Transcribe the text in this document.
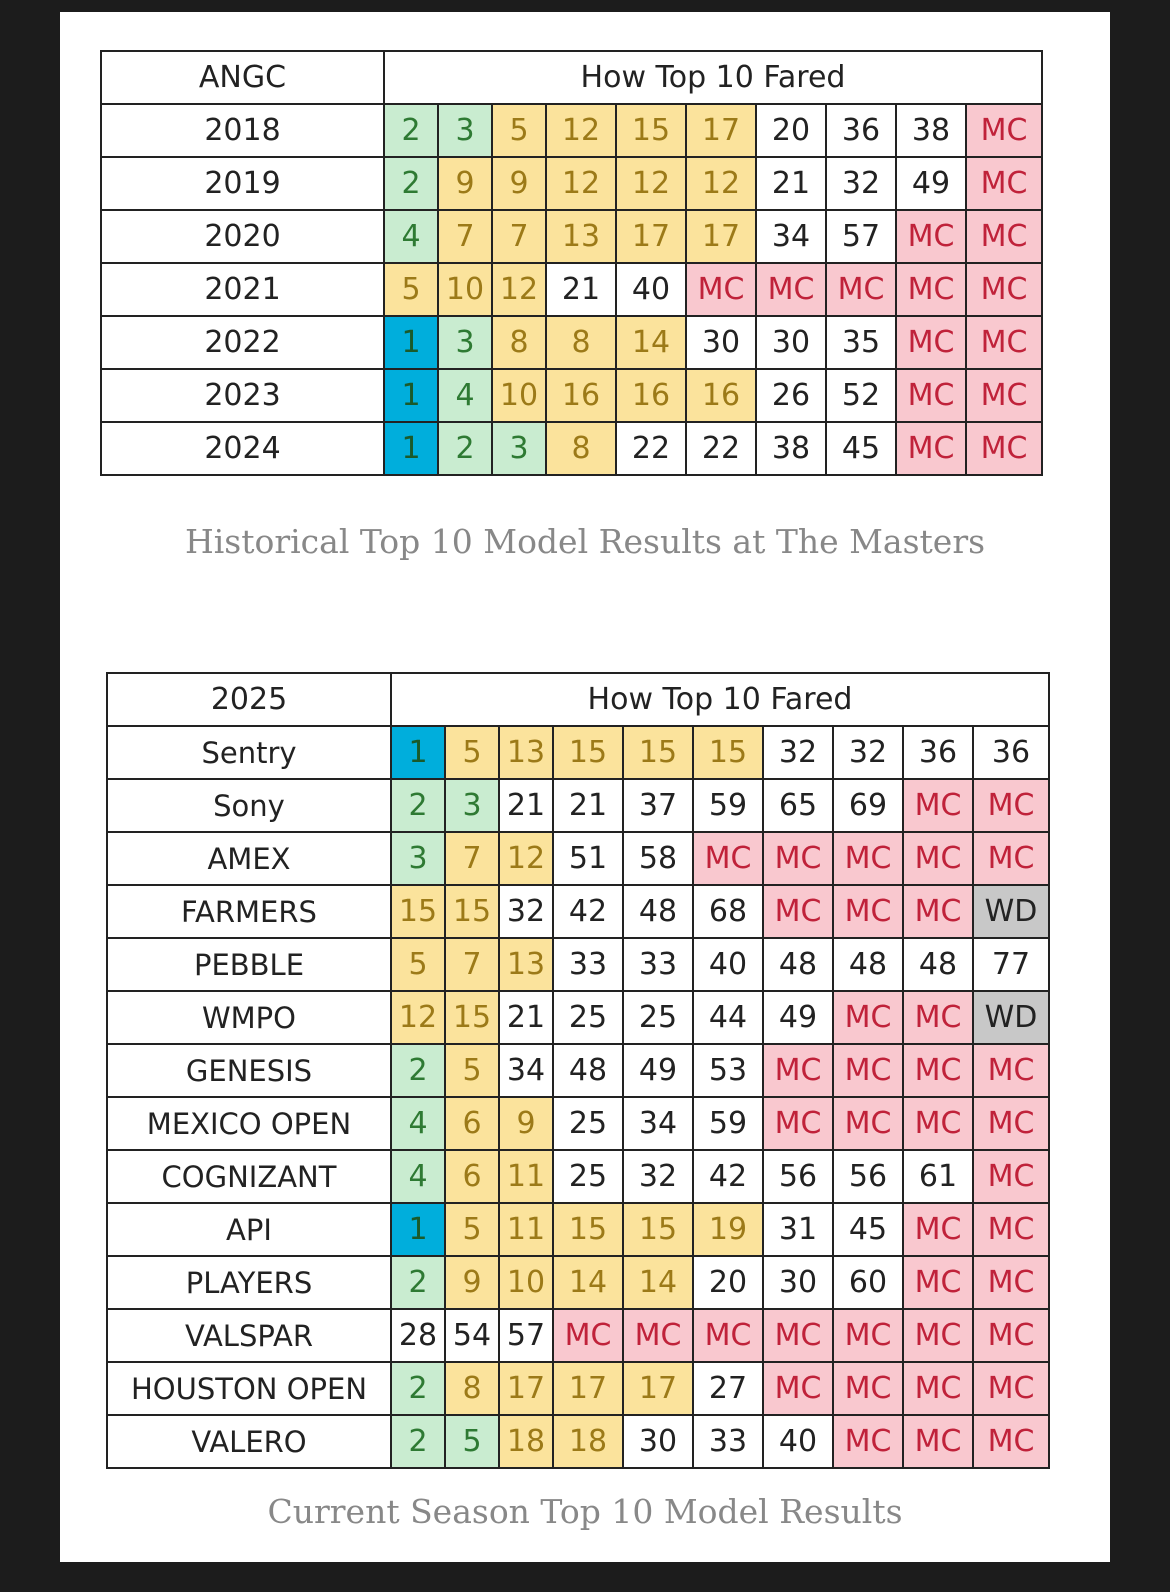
ANGC	How Top 10 Fared									
2018	2	3	5	12	15	17	20	36	38	MC
2019	2	9	9	12	12	12	21	32	49	MC
2020	4	7	7	13	17	17	34	57	MC	MC
2021	5	10	12	21	40	MC	MC	MC	MC	MC
2022	1	3	8	8	14	30	30	35	MC	MC
2023	1	4	10	16	16	16	26	52	MC	MC
2024	1	2	3	8	22	22	38	45	MC	MC
Historical Top 10 Model Results at The Masters
2025	How Top 10 Fared									
Sentry	1	5	13	15	15	15	32	32	36	36
Sony	2	3	21	21	37	59	65	69	MC	MC
AMEX	3	7	12	51	58	MC	MC	MC	MC	MC
FARMERS	15	15	32	42	48	68	MC	MC	MC	WD
PEBBLE	5	7	13	33	33	40	48	48	48	77
WMPO	12	15	21	25	25	44	49	MC	MC	WD
GENESIS	2	5	34	48	49	53	MC	MC	MC	MC
MEXICO OPEN	4	6	9	25	34	59	MC	MC	MC	MC
COGNIZANT	4	6	11	25	32	42	56	56	61	MC
API	1	5	11	15	15	19	31	45	MC	MC
PLAYERS	2	9	10	14	14	20	30	60	MC	MC
VALSPAR	28	54	57	MC	MC	MC	MC	MC	MC	MC
HOUSTON OPEN	2	8	17	17	17	27	MC	MC	MC	MC
VALERO	2	5	18	18	30	33	40	MC	MC	MC
Current Season Top 10 Model Results
